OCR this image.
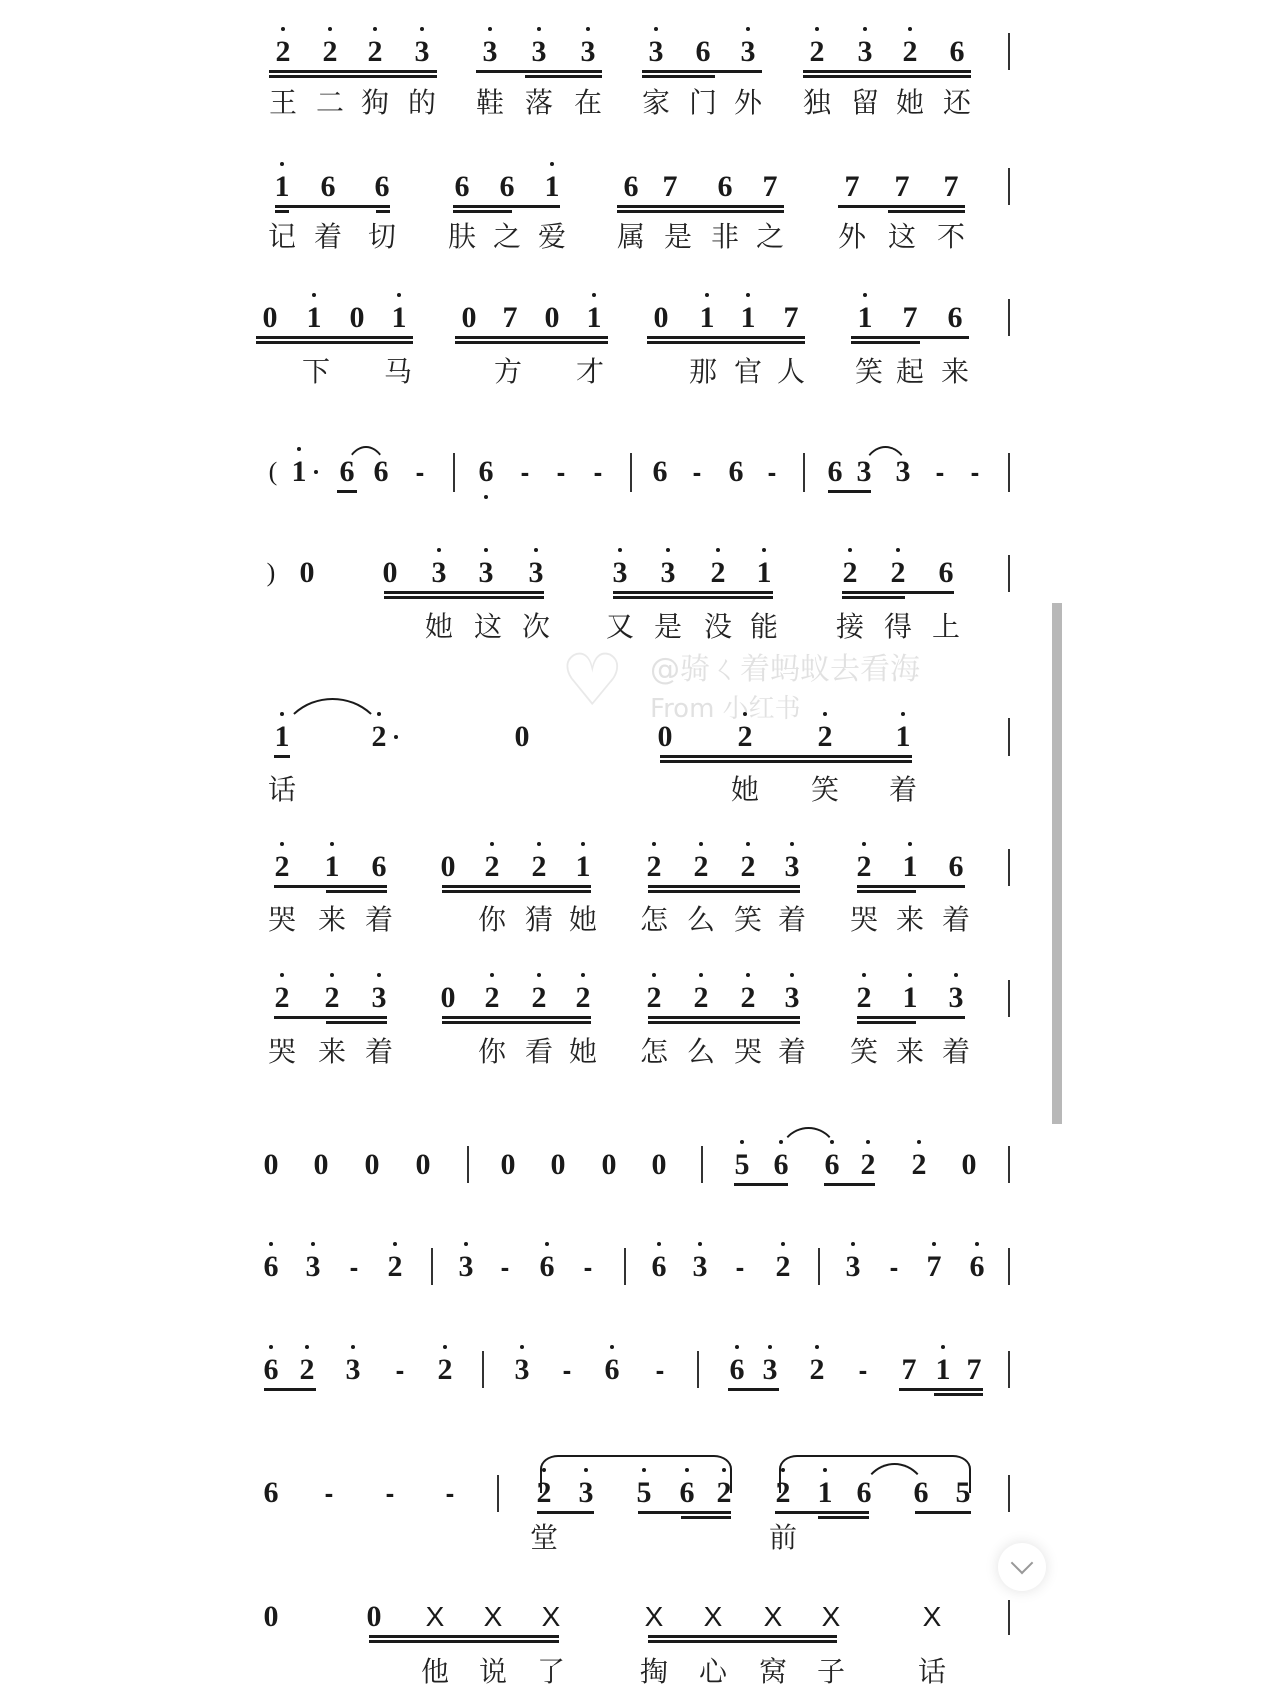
2 2 2 3 3 3 3 3 6 3 2 3 2 6
王 二 狗 的 鞋 落 在 家 门 外 独 留 她 还
1 6 6 6 6 1 6 7 6 7 7 7 7
记 着 切 肤 之 爱 属 是 非 之 外 这 不
0 1 0 1 0 7 0 1 0 1 1 7 1 7 6
下 马	方 才	那 官 人 笑 起 来
( 1 6 6	-	6	-	-	-	6 - 6 -	6 3 3 -	-
) 0 0 3 3 3 3 3 2 1 2 2 6
她 这 次 又 是 没 能 接 得 上
1	2	0	0 2 2 1
话	她 笑 着
2 1 6 0 2 2 1 2 2 2 3 2 1 6
哭 来 着	你 猜 她 怎 么 笑 着 哭 来 着
2 2 3 0 2 2 2 2 2 2 3 2 1 3
哭 来 着	你 看 她 怎 么 哭 着 笑 来 着
0 0 0 0 0 0 0 0 5 6 6 2 2 0
6 3	- 2 3	-	6	-	6 3	-	2 3	- 7 6
6 2 3	-	2 3	-	6	-	6 3 2	-	7 1 7
6	-	-	-	2 3 5 6 2 2 1 6 6 5
堂	前
0	0 X X X	X X X X	X
他 说 了	掏 心 窝 子	话
♡ @骑ㄑ着蚂蚁去看海
From 小红书
